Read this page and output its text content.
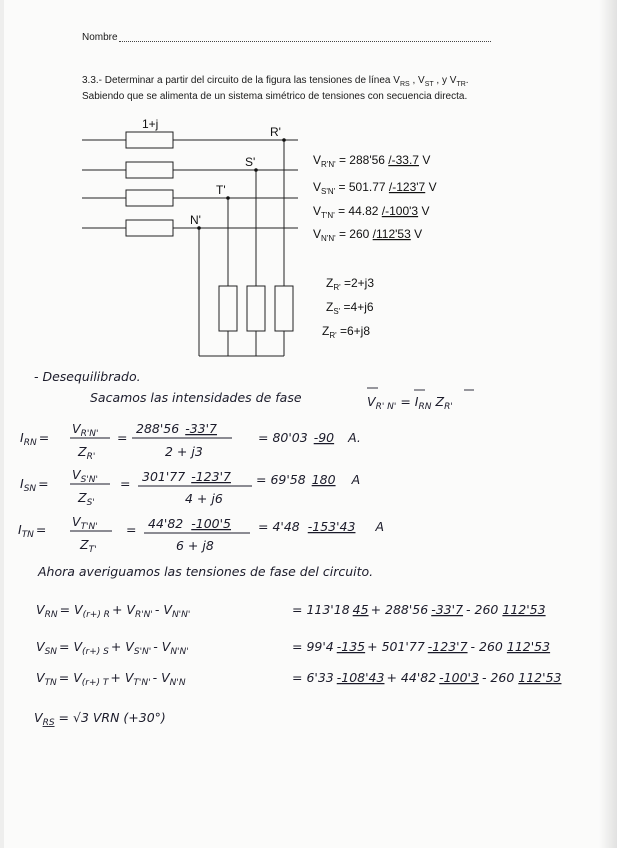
Nombre
3.3.- Determinar a partir del circuito de la figura las tensiones de línea $V_{RS}$ , $V_{ST}$ , y $V_{TR}$.
Sabiendo que se alimenta de un sistema simétrico de tensiones con secuencia directa.
1+j
R'
S'
T'
N'
$V_{R'N'} = 288'56$ /-33.7 V
$V_{S'N'} = 501.77$ /-123'7 V
$V_{T'N'} = 44.82$ /-100'3 V
$V_{N'N'} = 260$ /112'53 V
$Z_{R'} =2+j3$
$Z_{S'} =4+j6$
$Z_{R'} =6+j8$
- Desequilibrado.
Sacamos las intensidades de fase	$V_{R' N'} = I_{RN}$ $Z_{R'}$
$I_{RN}$ =
$V_{R'N'}$
$Z_{R'}$
=
288'56 -33'7
2 + j3
= 80'03 -90 A.
$I_{SN}$ =
$V_{S'N'}$
$Z_{S'}$
= 301'77 -123'7
4 + j6
= 69'58 180 A
$I_{TN}$ =
$V_{T'N'}$
$Z_{T'}$
= 44'82 -100'5
6 + j8
= 4'48 -153'43 A
Ahora averiguamos las tensiones de fase del circuito.
$V_{RN} = V_{(r+) R} + V_{R'N'} - V_{N'N'}$	= 113'18 45 + 288'56 -33'7 - 260 112'53
$V_{SN} = V_{(r+) S} + V_{S'N'} - V_{N'N'}$	= 99'4 -135 + 501'77 -123'7 - 260 112'53
$V_{TN} = V_{(r+) T} + V_{T'N'} - V_{N'N}$	= 6'33 -108'43 + 44'82 -100'3 - 260 112'53
$V_{RS} = √3$ VRN (+30°)
